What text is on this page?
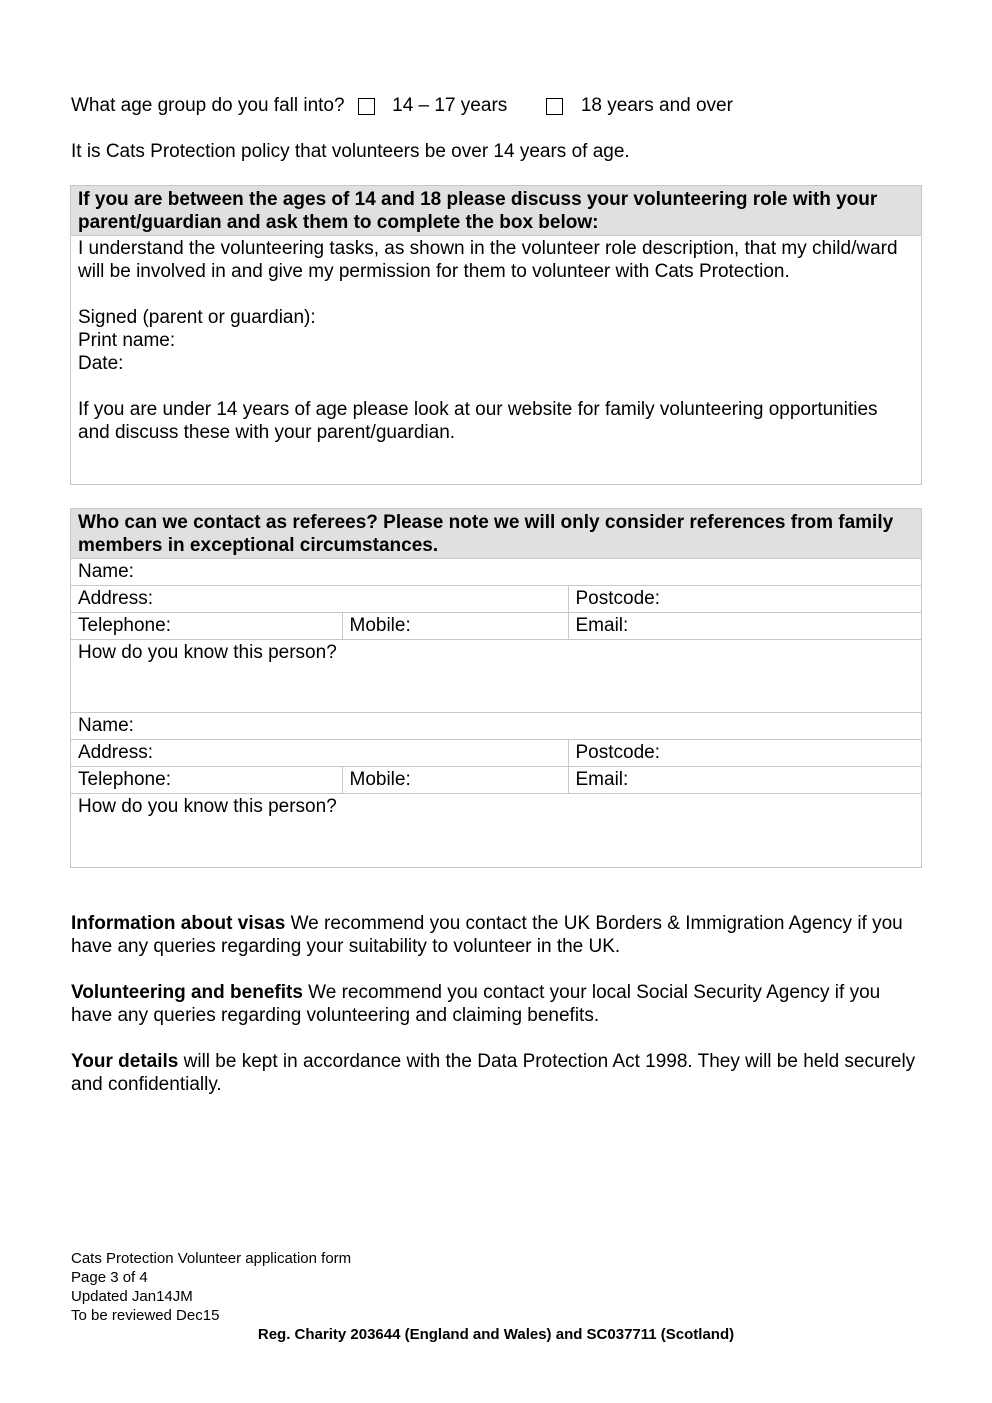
What age group do you fall into?	14 – 17 years	18 years and over
It is Cats Protection policy that volunteers be over 14 years of age.
If you are between the ages of 14 and 18 please discuss your volunteering role with your parent/guardian and ask them to complete the box below:
I understand the volunteering tasks, as shown in the volunteer role description, that my child/ward will be involved in and give my permission for them to volunteer with Cats Protection.
Signed (parent or guardian):
Print name:
Date:
If you are under 14 years of age please look at our website for family volunteering opportunities and discuss these with your parent/guardian.
Who can we contact as referees? Please note we will only consider references from family members in exceptional circumstances.
Name:		
Address:		Postcode:
Telephone:	Mobile:	Email:
How do you know this person?		
Name:		
Address:		Postcode:
Telephone:	Mobile:	Email:
How do you know this person?		
Information about visas We recommend you contact the UK Borders & Immigration Agency if you have any queries regarding your suitability to volunteer in the UK.
Volunteering and benefits We recommend you contact your local Social Security Agency if you have any queries regarding volunteering and claiming benefits.
Your details will be kept in accordance with the Data Protection Act 1998. They will be held securely and confidentially.
Cats Protection Volunteer application form
Page 3 of 4
Updated Jan14JM
To be reviewed Dec15
Reg. Charity 203644 (England and Wales) and SC037711 (Scotland)
